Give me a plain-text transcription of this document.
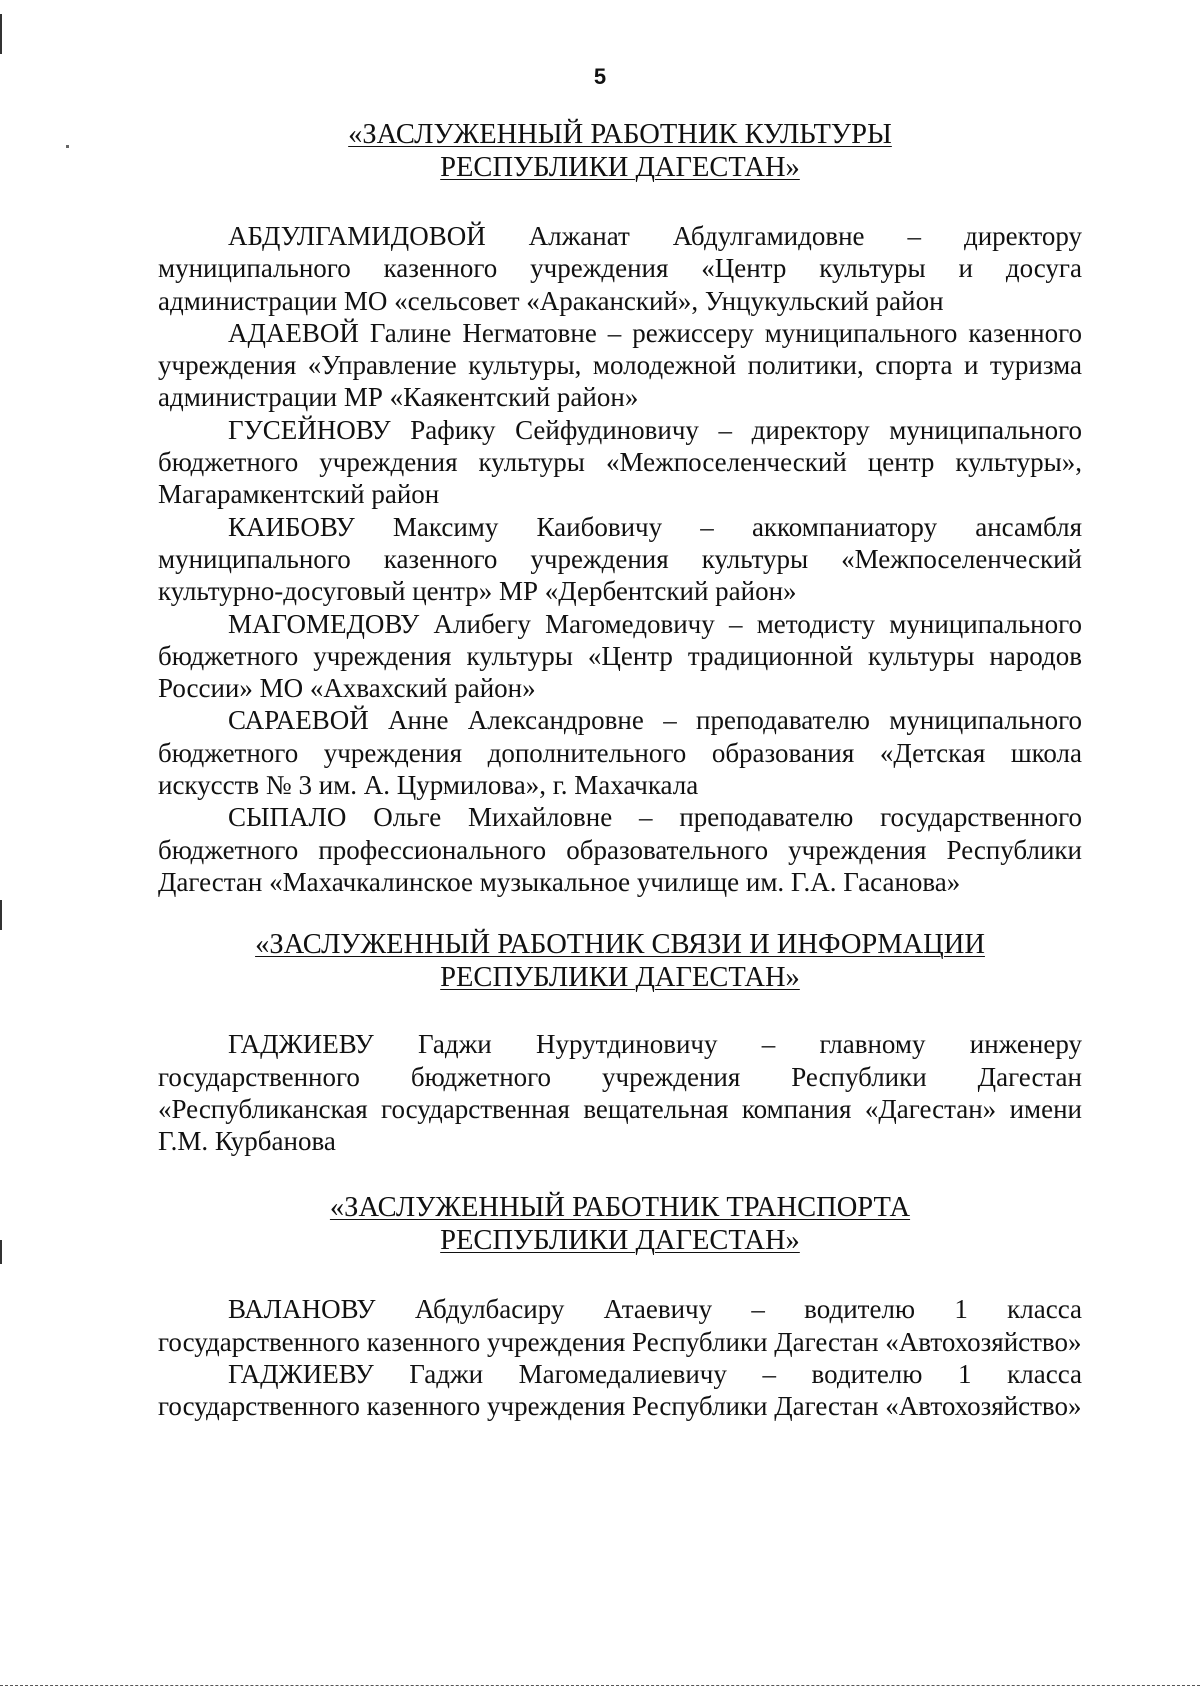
5
«ЗАСЛУЖЕННЫЙ РАБОТНИК КУЛЬТУРЫ
РЕСПУБЛИКИ ДАГЕСТАН»

АБДУЛГАМИДОВОЙ Алжанат Абдулгамидовне – директору муниципального казенного учреждения «Центр культуры и досуга администрации МО «сельсовет «Араканский», Унцукульский район

АДАЕВОЙ Галине Негматовне – режиссеру муниципального казенного учреждения «Управление культуры, молодежной политики, спорта и туризма администрации МР «Каякентский район»

ГУСЕЙНОВУ Рафику Сейфудиновичу – директору муниципального бюджетного учреждения культуры «Межпоселенческий центр культуры», Магарамкентский район

КАИБОВУ Максиму Каибовичу – аккомпаниатору ансамбля муниципального казенного учреждения культуры «Межпоселенческий культурно-досуговый центр» МР «Дербентский район»

МАГОМЕДОВУ Алибегу Магомедовичу – методисту муниципального бюджетного учреждения культуры «Центр традиционной культуры народов России» МО «Ахвахский район»

САРАЕВОЙ Анне Александровне – преподавателю муниципального бюджетного учреждения дополнительного образования «Детская школа искусств № 3 им. А. Цурмилова», г. Махачкала

СЫПАЛО Ольге Михайловне – преподавателю государственного бюджетного профессионального образовательного учреждения Республики Дагестан «Махачкалинское музыкальное училище им. Г.А. Гасанова»

«ЗАСЛУЖЕННЫЙ РАБОТНИК СВЯЗИ И ИНФОРМАЦИИ
РЕСПУБЛИКИ ДАГЕСТАН»

ГАДЖИЕВУ Гаджи Нурутдиновичу – главному инженеру государственного бюджетного учреждения Республики Дагестан «Республиканская государственная вещательная компания «Дагестан» имени Г.М. Курбанова

«ЗАСЛУЖЕННЫЙ РАБОТНИК ТРАНСПОРТА
РЕСПУБЛИКИ ДАГЕСТАН»

ВАЛАНОВУ Абдулбасиру Атаевичу – водителю 1 класса государственного казенного учреждения Республики Дагестан «Автохозяйство»

ГАДЖИЕВУ Гаджи Магомедалиевичу – водителю 1 класса государственного казенного учреждения Республики Дагестан «Автохозяйство»
